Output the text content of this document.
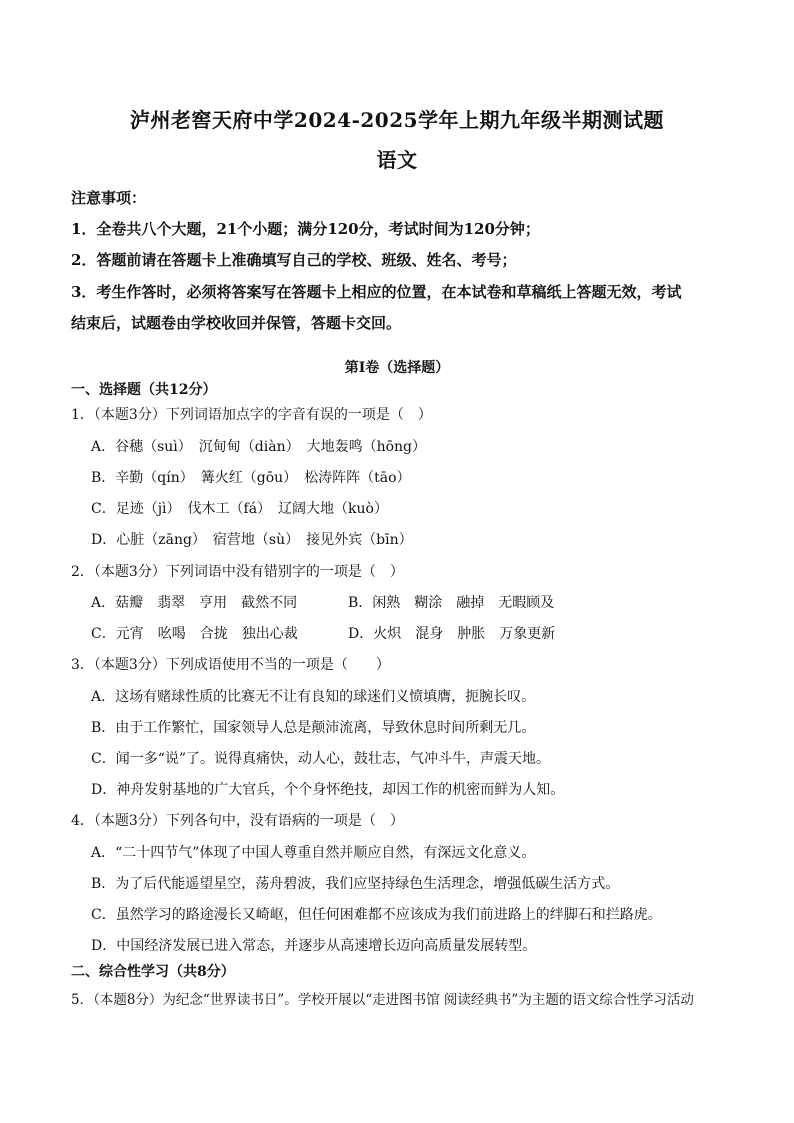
泸州老窖天府中学2024-2025学年上期九年级半期测试题
语文
注意事项：
1．全卷共八个大题，21个小题；满分120分，考试时间为120分钟；
2．答题前请在答题卡上准确填写自己的学校、班级、姓名、考号；
3．考生作答时，必须将答案写在答题卡上相应的位置，在本试卷和草稿纸上答题无效，考试
结束后，试题卷由学校收回并保管，答题卡交回。
第Ⅰ卷（选择题）
一、选择题（共12分）
1．（本题3分）下列词语加点字的字音有误的一项是（　）
A．谷穗（suì）　沉甸甸（diàn）　大地轰鸣（hōng）
B．辛勤（qín）　篝火红（gōu）　松涛阵阵（tāo）
C．足迹（jì）　伐木工（fá）　辽阔大地（kuò）
D．心脏（zāng）　宿营地（sù）　接见外宾（bīn）
2．（本题3分）下列词语中没有错别字的一项是（　）
A．菇瓣　翡翠　亨用　截然不同	B．闲熟　糊涂　融掉　无暇顾及
C．元宵　吆喝　合拢　独出心裁	D．火炽　混身　肿胀　万象更新
3．（本题3分）下列成语使用不当的一项是（　　）
A．这场有赌球性质的比赛无不让有良知的球迷们义愤填膺，扼腕长叹。
B．由于工作繁忙，国家领导人总是颠沛流离，导致休息时间所剩无几。
C．闻一多“说”了。说得真痛快，动人心，鼓壮志，气冲斗牛，声震天地。
D．神舟发射基地的广大官兵，个个身怀绝技，却因工作的机密而鲜为人知。
4．（本题3分）下列各句中，没有语病的一项是（　）
A．“二十四节气”体现了中国人尊重自然并顺应自然，有深远文化意义。
B．为了后代能遥望星空，荡舟碧波，我们应坚持绿色生活理念，增强低碳生活方式。
C．虽然学习的路途漫长又崎岖，但任何困难都不应该成为我们前进路上的绊脚石和拦路虎。
D．中国经济发展已进入常态，并逐步从高速增长迈向高质量发展转型。
二、综合性学习（共8分）
5．（本题8分）为纪念“世界读书日”。学校开展以“走进图书馆 阅读经典书”为主题的语文综合性学习活动
